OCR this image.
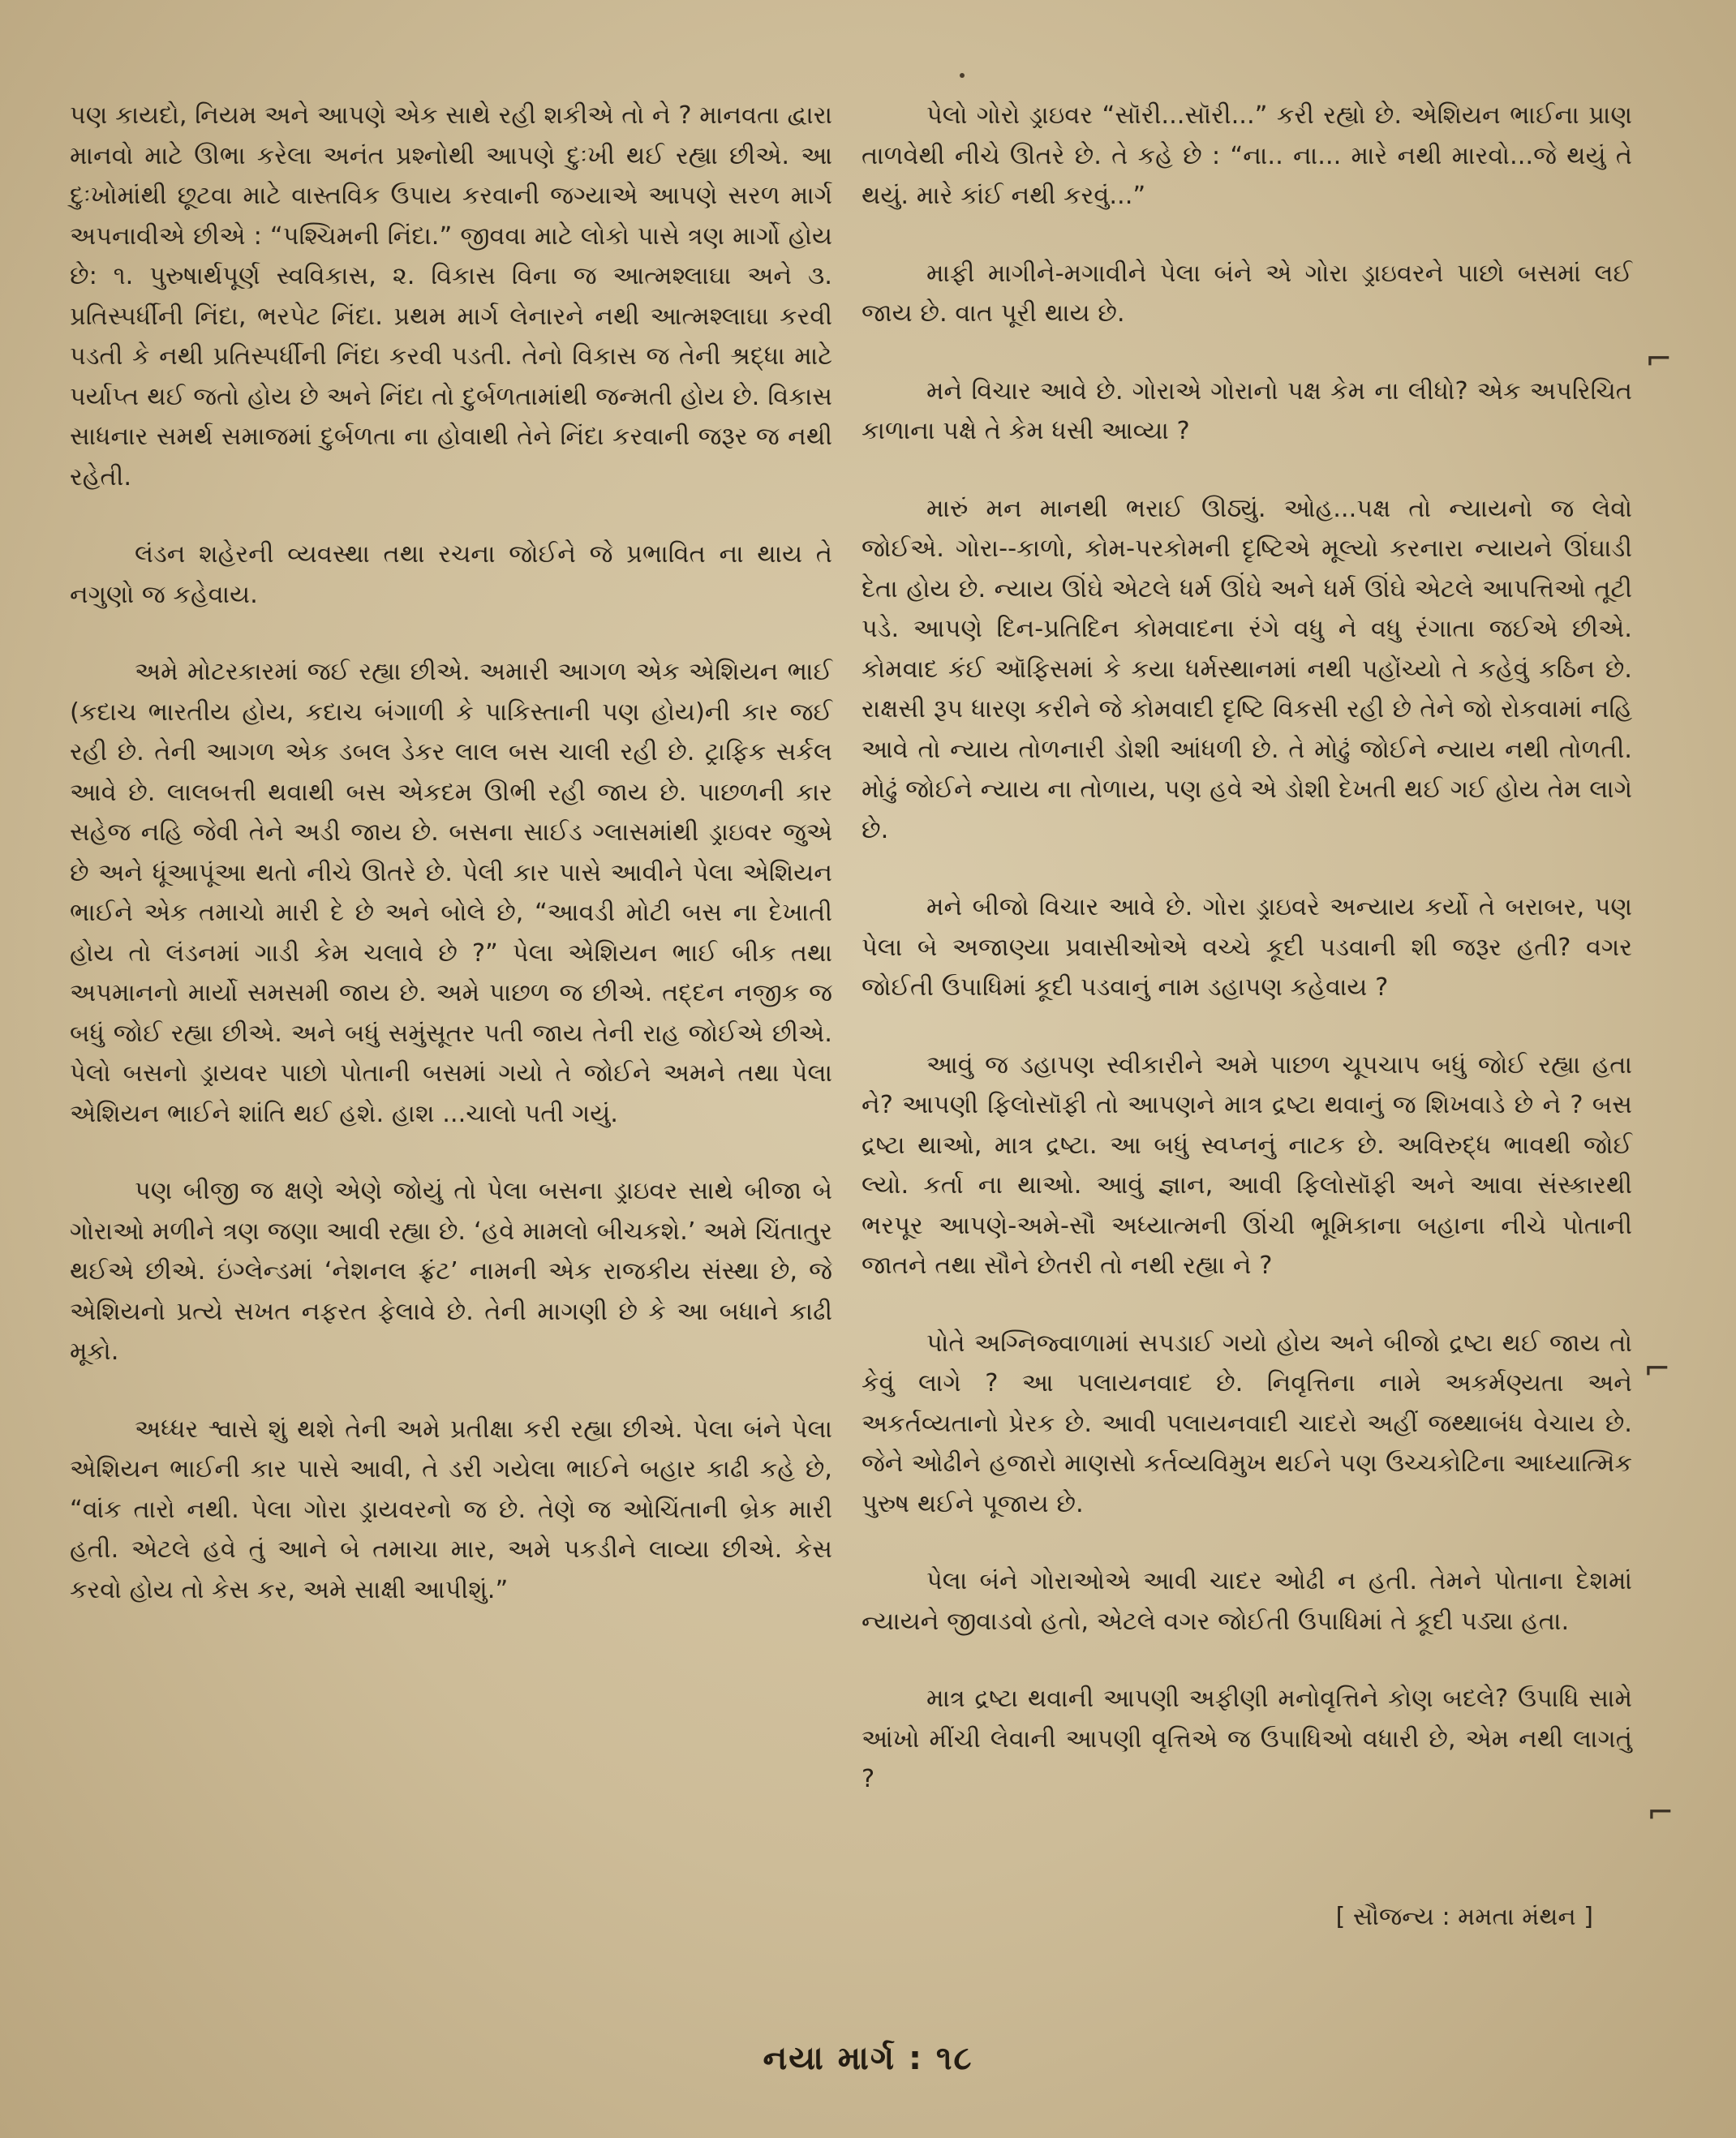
પણ કાયદો, નિયમ અને આપણે એક સાથે રહી શકીએ તો ને ? માનવતા દ્વારા માનવો માટે ઊભા કરેલા અનંત પ્રશ્નોથી આપણે દુઃખી થઈ રહ્યા છીએ. આ દુઃખોમાંથી છૂટવા માટે વાસ્તવિક ઉપાય કરવાની જગ્યાએ આપણે સરળ માર્ગ અપનાવીએ છીએ : “પશ્ચિમની નિંદા.” જીવવા માટે લોકો પાસે ત્રણ માર્ગો હોય છે: ૧. પુરુષાર્થપૂર્ણ સ્વવિકાસ, ૨. વિકાસ વિના જ આત્મશ્લાઘા અને ૩. પ્રતિસ્પર્ધીની નિંદા, ભરપેટ નિંદા. પ્રથમ માર્ગ લેનારને નથી આત્મશ્લાઘા કરવી પડતી કે નથી પ્રતિસ્પર્ધીની નિંદા કરવી પડતી. તેનો વિકાસ જ તેની શ્રદ્ધા માટે પર્યાપ્ત થઈ જતો હોય છે અને નિંદા તો દુર્બળતામાંથી જન્મતી હોય છે. વિકાસ સાધનાર સમર્થ સમાજમાં દુર્બળતા ના હોવાથી તેને નિંદા કરવાની જરૂર જ નથી રહેતી.

લંડન શહેરની વ્યવસ્થા તથા રચના જોઈને જે પ્રભાવિત ના થાય તે નગુણો જ કહેવાય.

અમે મોટરકારમાં જઈ રહ્યા છીએ. અમારી આગળ એક એશિયન ભાઈ (કદાચ ભારતીય હોય, કદાચ બંગાળી કે પાકિસ્તાની પણ હોય)ની કાર જઈ રહી છે. તેની આગળ એક ડબલ ડેકર લાલ બસ ચાલી રહી છે. ટ્રાફિક સર્કલ આવે છે. લાલબત્તી થવાથી બસ એકદમ ઊભી રહી જાય છે. પાછળની કાર સહેજ નહિ જેવી તેને અડી જાય છે. બસના સાઈડ ગ્લાસમાંથી ડ્રાઇવર જુએ છે અને ધૂંઆપૂંઆ થતો નીચે ઊતરે છે. પેલી કાર પાસે આવીને પેલા એશિયન ભાઈને એક તમાચો મારી દે છે અને બોલે છે, “આવડી મોટી બસ ના દેખાતી હોય તો લંડનમાં ગાડી કેમ ચલાવે છે ?” પેલા એશિયન ભાઈ બીક તથા અપમાનનો માર્યો સમસમી જાય છે. અમે પાછળ જ છીએ. તદ્દન નજીક જ બધું જોઈ રહ્યા છીએ. અને બધું સમુંસૂતર પતી જાય તેની રાહ જોઈએ છીએ. પેલો બસનો ડ્રાયવર પાછો પોતાની બસમાં ગયો તે જોઈને અમને તથા પેલા એશિયન ભાઈને શાંતિ થઈ હશે. હાશ ...ચાલો પતી ગયું.

પણ બીજી જ ક્ષણે એણે જોયું તો પેલા બસના ડ્રાઇવર સાથે બીજા બે ગોરાઓ મળીને ત્રણ જણા આવી રહ્યા છે. ‘હવે મામલો બીચકશે.’ અમે ચિંતાતુર થઈએ છીએ. ઇંગ્લેન્ડમાં ‘નેશનલ ફ્રંટ’ નામની એક રાજકીય સંસ્થા છે, જે એશિયનો પ્રત્યે સખત નફરત ફેલાવે છે. તેની માગણી છે કે આ બધાને કાઢી મૂકો.

અધ્ધર શ્વાસે શું થશે તેની અમે પ્રતીક્ષા કરી રહ્યા છીએ. પેલા બંને પેલા એશિયન ભાઈની કાર પાસે આવી, તે ડરી ગયેલા ભાઈને બહાર કાઢી કહે છે, “વાંક તારો નથી. પેલા ગોરા ડ્રાયવરનો જ છે. તેણે જ ઓચિંતાની બ્રેક મારી હતી. એટલે હવે તું આને બે તમાચા માર, અમે પકડીને લાવ્યા છીએ. કેસ કરવો હોય તો કેસ કર, અમે સાક્ષી આપીશું.”

પેલો ગોરો ડ્રાઇવર “સૉરી...સૉરી...” કરી રહ્યો છે. એશિયન ભાઈના પ્રાણ તાળવેથી નીચે ઊતરે છે. તે કહે છે : “ના.. ના... મારે નથી મારવો...જે થયું તે થયું. મારે કાંઈ નથી કરવું...”

માફી માગીને-મગાવીને પેલા બંને એ ગોરા ડ્રાઇવરને પાછો બસમાં લઈ જાય છે. વાત પૂરી થાય છે.

મને વિચાર આવે છે. ગોરાએ ગોરાનો પક્ષ કેમ ના લીધો? એક અપરિચિત કાળાના પક્ષે તે કેમ ધસી આવ્યા ?

મારું મન માનથી ભરાઈ ઊઠ્યું. ઓહ...પક્ષ તો ન્યાયનો જ લેવો જોઈએ. ગોરા--કાળો, કોમ-પરકોમની દૃષ્ટિએ મૂલ્યો કરનારા ન્યાયને ઊંઘાડી દેતા હોય છે. ન્યાય ઊંઘે એટલે ધર્મ ઊંઘે અને ધર્મ ઊંઘે એટલે આપત્તિઓ તૂટી પડે. આપણે દિન-પ્રતિદિન કોમવાદના રંગે વધુ ને વધુ રંગાતા જઈએ છીએ. કોમવાદ કંઈ ઑફિસમાં કે કયા ધર્મસ્થાનમાં નથી પહોંચ્યો તે કહેવું કઠિન છે. રાક્ષસી રૂપ ધારણ કરીને જે કોમવાદી દૃષ્ટિ વિકસી રહી છે તેને જો રોકવામાં નહિ આવે તો ન્યાય તોળનારી ડોશી આંધળી છે. તે મોઢું જોઈને ન્યાય નથી તોળતી. મોઢું જોઈને ન્યાય ના તોળાય, પણ હવે એ ડોશી દેખતી થઈ ગઈ હોય તેમ લાગે છે.

મને બીજો વિચાર આવે છે. ગોરા ડ્રાઇવરે અન્યાય કર્યો તે બરાબર, પણ પેલા બે અજાણ્યા પ્રવાસીઓએ વચ્ચે કૂદી પડવાની શી જરૂર હતી? વગર જોઈતી ઉપાધિમાં કૂદી પડવાનું નામ ડહાપણ કહેવાય ?

આવું જ ડહાપણ સ્વીકારીને અમે પાછળ ચૂપચાપ બધું જોઈ રહ્યા હતા ને? આપણી ફિલોસૉફી તો આપણને માત્ર દ્રષ્ટા થવાનું જ શિખવાડે છે ને ? બસ દ્રષ્ટા થાઓ, માત્ર દ્રષ્ટા. આ બધું સ્વપ્નનું નાટક છે. અવિરુદ્ધ ભાવથી જોઈ લ્યો. કર્તા ના થાઓ. આવું જ્ઞાન, આવી ફિલોસૉફી અને આવા સંસ્કારથી ભરપૂર આપણે-અમે-સૌ અધ્યાત્મની ઊંચી ભૂમિકાના બહાના નીચે પોતાની જાતને તથા સૌને છેતરી તો નથી રહ્યા ને ?

પોતે અગ્નિજ્વાળામાં સપડાઈ ગયો હોય અને બીજો દ્રષ્ટા થઈ જાય તો કેવું લાગે ? આ પલાયનવાદ છે. નિવૃત્તિના નામે અકર્મણ્યતા અને અકર્તવ્યતાનો પ્રેરક છે. આવી પલાયનવાદી ચાદરો અહીં જથ્થાબંધ વેચાય છે. જેને ઓઢીને હજારો માણસો કર્તવ્યવિમુખ થઈને પણ ઉચ્ચકોટિના આધ્યાત્મિક પુરુષ થઈને પૂજાય છે.

પેલા બંને ગોરાઓએ આવી ચાદર ઓઢી ન હતી. તેમને પોતાના દેશમાં ન્યાયને જીવાડવો હતો, એટલે વગર જોઈતી ઉપાધિમાં તે કૂદી પડ્યા હતા.

માત્ર દ્રષ્ટા થવાની આપણી અફીણી મનોવૃત્તિને કોણ બદલે? ઉપાધિ સામે આંખો મીંચી લેવાની આપણી વૃત્તિએ જ ઉપાધિઓ વધારી છે, એમ નથી લાગતું ?

[ સૌજન્ય : મમતા મંથન ]
⌐
⌐
⌐
નયા માર્ગ : ૧૮
